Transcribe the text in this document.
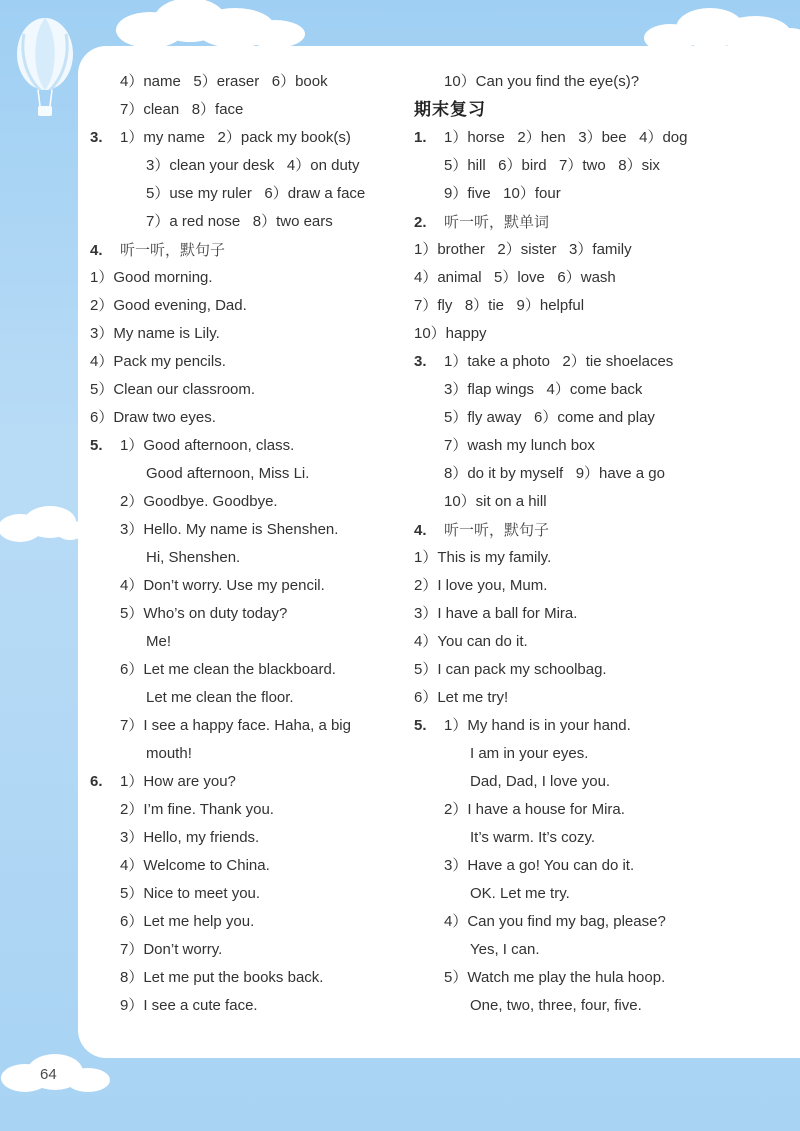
4）name   5）eraser   6）book
7）clean   8）face
3. 1）my name   2）pack my book(s)
3）clean your desk   4）on duty
5）use my ruler   6）draw a face
7）a red nose   8）two ears
4. 听一听，默句子
1）Good morning.
2）Good evening, Dad.
3）My name is Lily.
4）Pack my pencils.
5）Clean our classroom.
6）Draw two eyes.
5. 1）Good afternoon, class.
Good afternoon, Miss Li.
2）Goodbye. Goodbye.
3）Hello. My name is Shenshen.
Hi, Shenshen.
4）Don’t worry. Use my pencil.
5）Who’s on duty today?
Me!
6）Let me clean the blackboard.
Let me clean the floor.
7）I see a happy face. Haha, a big
mouth!
6. 1）How are you?
2）I’m fine. Thank you.
3）Hello, my friends.
4）Welcome to China.
5）Nice to meet you.
6）Let me help you.
7）Don’t worry.
8）Let me put the books back.
9）I see a cute face.
10）Can you find the eye(s)?
期末复习
1. 1）horse   2）hen   3）bee   4）dog
5）hill   6）bird   7）two   8）six
9）five   10）four
2. 听一听，默单词
1）brother   2）sister   3）family
4）animal   5）love   6）wash
7）fly   8）tie   9）helpful
10）happy
3. 1）take a photo   2）tie shoelaces
3）flap wings   4）come back
5）fly away   6）come and play
7）wash my lunch box
8）do it by myself   9）have a go
10）sit on a hill
4. 听一听，默句子
1）This is my family.
2）I love you, Mum.
3）I have a ball for Mira.
4）You can do it.
5）I can pack my schoolbag.
6）Let me try!
5. 1）My hand is in your hand.
I am in your eyes.
Dad, Dad, I love you.
2）I have a house for Mira.
It’s warm. It’s cozy.
3）Have a go! You can do it.
OK. Let me try.
4）Can you find my bag, please?
Yes, I can.
5）Watch me play the hula hoop.
One, two, three, four, five.
64
